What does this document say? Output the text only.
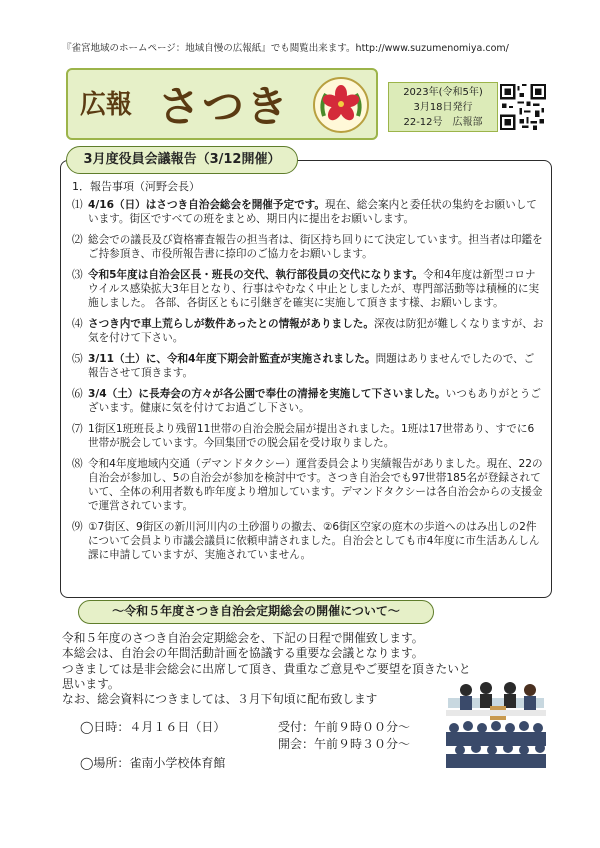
『雀宮地域のホームページ：地域自慢の広報紙』でも閲覧出来ます。http://www.suzumenomiya.com/
広報 さつき	2023年(令和5年)
3月18日発行
22-12号　広報部
3月度役員会議報告（3/12開催）
1．報告事項（河野会長）
⑴ 4/16（日）はさつき自治会総会を開催予定です。現在、総会案内と委任状の集約をお願いしています。街区ですべての班をまとめ、期日内に提出をお願いします。
⑵ 総会での議長及び資格審査報告の担当者は、街区持ち回りにて決定しています。担当者は印鑑をご持参頂き、市役所報告書に捺印のご協力をお願いします。
⑶ 令和5年度は自治会区長・班長の交代、執行部役員の交代になります。令和4年度は新型コロナウイルス感染拡大3年目となり、行事はやむなく中止としましたが、専門部活動等は積極的に実施しました。 各部、各街区ともに引継ぎを確実に実施して頂きます様、お願いします。
⑷ さつき内で車上荒らしが数件あったとの情報がありました。深夜は防犯が難しくなりますが、お気を付けて下さい。
⑸ 3/11（土）に、令和4年度下期会計監査が実施されました。問題はありませんでしたので、ご報告させて頂きます。
⑹ 3/4（土）に長寿会の方々が各公園で奉仕の清掃を実施して下さいました。いつもありがとうございます。健康に気を付けてお過ごし下さい。
⑺ 1街区1班班長より残留11世帯の自治会脱会届が提出されました。1班は17世帯あり、すでに6世帯が脱会しています。今回集団での脱会届を受け取りました。
⑻ 令和4年度地域内交通（デマンドタクシー）運営委員会より実績報告がありました。現在、22の自治会が参加し、5の自治会が参加を検討中です。さつき自治会でも97世帯185名が登録されていて、全体の利用者数も昨年度より増加しています。デマンドタクシーは各自治会からの支援金で運営されています。
⑼ ①7街区、9街区の新川河川内の土砂溜りの撤去、②6街区空家の庭木の歩道へのはみ出しの2件について会員より市議会議員に依頼申請されました。自治会としても市4年度に市生活あんしん課に申請していますが、実施されていません。
～令和５年度さつき自治会定期総会の開催について～
令和５年度のさつき自治会定期総会を、下記の日程で開催致します。
本総会は、自治会の年間活動計画を協議する重要な会議となります。
つきましては是非会総会に出席して頂き、貴重なご意見やご要望を頂きたいと思います。
なお、総会資料につきましては、３月下旬頃に配布致します
◯日時：４月１６日（日）	受付：午前９時００分～
開会：午前９時３０分～
◯場所：雀南小学校体育館
